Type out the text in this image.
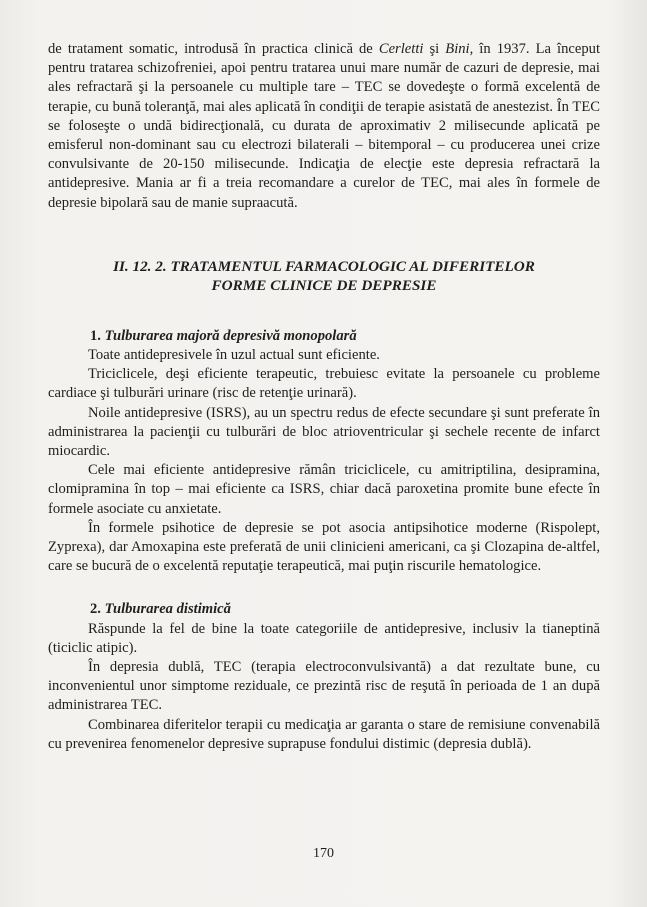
de tratament somatic, introdusă în practica clinică de Cerletti şi Bini, în 1937. La început pentru tratarea schizofreniei, apoi pentru tratarea unui mare număr de cazuri de depresie, mai ales refractară şi la persoanele cu multiple tare – TEC se dovedeşte o formă excelentă de terapie, cu bună toleranţă, mai ales aplicată în condiţii de terapie asistată de anestezist. În TEC se foloseşte o undă bidirecţională, cu durata de aproximativ 2 milisecunde aplicată pe emisferul non-dominant sau cu electrozi bilaterali – bitemporal – cu producerea unei crize convulsivante de 20-150 milisecunde. Indicaţia de elecţie este depresia refractară la antidepresive. Mania ar fi a treia recomandare a curelor de TEC, mai ales în formele de depresie bipolară sau de manie supraacută.

II. 12. 2. TRATAMENTUL FARMACOLOGIC AL DIFERITELOR
FORME CLINICE DE DEPRESIE

1. Tulburarea majoră depresivă monopolară

Toate antidepresivele în uzul actual sunt eficiente.

Triciclicele, deşi eficiente terapeutic, trebuiesc evitate la persoanele cu probleme cardiace şi tulburări urinare (risc de retenţie urinară).

Noile antidepresive (ISRS), au un spectru redus de efecte secundare şi sunt preferate în administrarea la pacienţii cu tulburări de bloc atrioventricular şi sechele recente de infarct miocardic.

Cele mai eficiente antidepresive rămân triciclicele, cu amitriptilina, desipramina, clomipramina în top – mai eficiente ca ISRS, chiar dacă paroxetina promite bune efecte în formele asociate cu anxietate.

În formele psihotice de depresie se pot asocia antipsihotice moderne (Rispolept, Zyprexa), dar Amoxapina este preferată de unii clinicieni americani, ca şi Clozapina de-altfel, care se bucură de o excelentă reputaţie terapeutică, mai puţin riscurile hematologice.

2. Tulburarea distimică

Răspunde la fel de bine la toate categoriile de antidepresive, inclusiv la tianeptină (ticiclic atipic).

În depresia dublă, TEC (terapia electroconvulsivantă) a dat rezultate bune, cu inconvenientul unor simptome reziduale, ce prezintă risc de reşută în perioada de 1 an după administrarea TEC.

Combinarea diferitelor terapii cu medicaţia ar garanta o stare de remisiune convenabilă cu prevenirea fenomenelor depresive suprapuse fondului distimic (depresia dublă).

170
